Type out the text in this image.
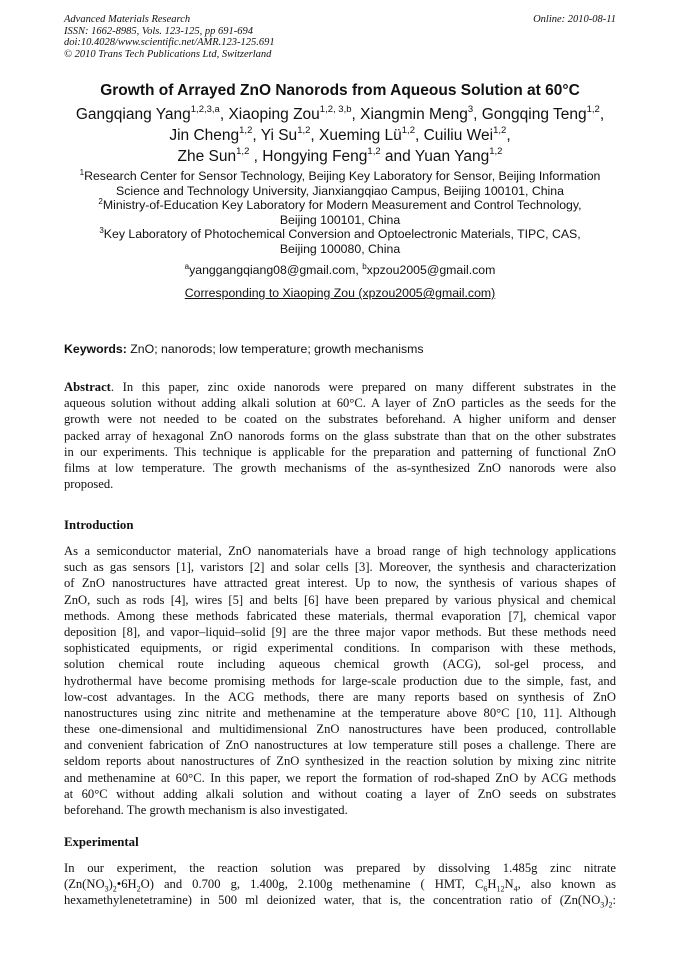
Advanced Materials Research
ISSN: 1662-8985, Vols. 123-125, pp 691-694
doi:10.4028/www.scientific.net/AMR.123-125.691
© 2010 Trans Tech Publications Ltd, Switzerland
Online: 2010-08-11
Growth of Arrayed ZnO Nanorods from Aqueous Solution at 60°C
Gangqiang Yang$^{1,2,3,a}$, Xiaoping Zou$^{1,2, 3,b}$, Xiangmin Meng$^3$, Gongqing Teng$^{1,2}$,
Jin Cheng$^{1,2}$, Yi Su$^{1,2}$, Xueming Lü$^{1,2}$, Cuiliu Wei$^{1,2}$,
Zhe Sun$^{1,2}$ , Hongying Feng$^{1,2}$ and Yuan Yang$^{1,2}$
$^1$Research Center for Sensor Technology, Beijing Key Laboratory for Sensor, Beijing Information
Science and Technology University, Jianxiangqiao Campus, Beijing 100101, China
$^2$Ministry-of-Education Key Laboratory for Modern Measurement and Control Technology,
Beijing 100101, China
$^3$Key Laboratory of Photochemical Conversion and Optoelectronic Materials, TIPC, CAS,
Beijing 100080, China
$^a$yanggangqiang08@gmail.com, $^b$xpzou2005@gmail.com
Corresponding to Xiaoping Zou (xpzou2005@gmail.com)
Keywords: ZnO; nanorods; low temperature; growth mechanisms
Abstract. In this paper, zinc oxide nanorods were prepared on many different substrates in the
aqueous solution without adding alkali solution at 60°C. A layer of ZnO particles as the seeds for the
growth were not needed to be coated on the substrates beforehand. A higher uniform and denser
packed array of hexagonal ZnO nanorods forms on the glass substrate than that on the other substrates
in our experiments. This technique is applicable for the preparation and patterning of functional ZnO
films at low temperature. The growth mechanisms of the as-synthesized ZnO nanorods were also
proposed.
Introduction
As a semiconductor material, ZnO nanomaterials have a broad range of high technology applications
such as gas sensors [1], varistors [2] and solar cells [3]. Moreover, the synthesis and characterization
of ZnO nanostructures have attracted great interest. Up to now, the synthesis of various shapes of
ZnO, such as rods [4], wires [5] and belts [6] have been prepared by various physical and chemical
methods. Among these methods fabricated these materials, thermal evaporation [7], chemical vapor
deposition [8], and vapor–liquid–solid [9] are the three major vapor methods. But these methods need
sophisticated equipments, or rigid experimental conditions. In comparison with these methods,
solution chemical route including aqueous chemical growth (ACG), sol-gel process, and
hydrothermal have become promising methods for large-scale production due to the simple, fast, and
low-cost advantages. In the ACG methods, there are many reports based on synthesis of ZnO
nanostructures using zinc nitrite and methenamine at the temperature above 80°C [10, 11]. Although
these one-dimensional and multidimensional ZnO nanostructures have been produced, controllable
and convenient fabrication of ZnO nanostructures at low temperature still poses a challenge. There are
seldom reports about nanostructures of ZnO synthesized in the reaction solution by mixing zinc nitrite
and methenamine at 60°C. In this paper, we report the formation of rod-shaped ZnO by ACG methods
at 60°C without adding alkali solution and without coating a layer of ZnO seeds on substrates
beforehand. The growth mechanism is also investigated.
Experimental
In our experiment, the reaction solution was prepared by dissolving 1.485g zinc nitrate
$(Zn(NO_3)_2•6H_2O)$ and 0.700 g, 1.400g, 2.100g methenamine ( HMT, $C_6H_{12}N_4$, also known as
hexamethylenetetramine) in 500 ml deionized water, that is, the concentration ratio of ($Zn(NO_3)_2$:
